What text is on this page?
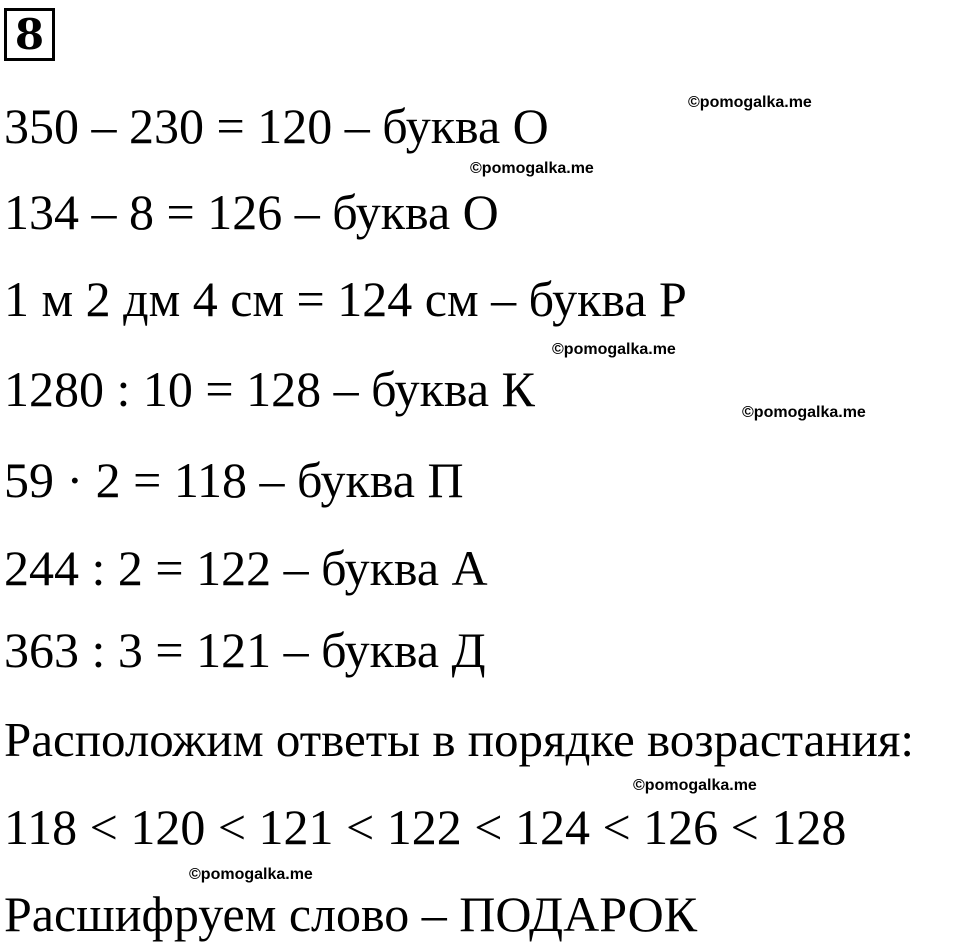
8
350 – 230 = 120 – буква О
134 – 8 = 126 – буква О
1 м 2 дм 4 см = 124 см – буква Р
1280 : 10 = 128 – буква К
59 · 2 = 118 – буква П
244 : 2 = 122 – буква А
363 : 3 = 121 – буква Д
Расположим ответы в порядке возрастания:
118 < 120 < 121 < 122 < 124 < 126 < 128
Расшифруем слово – ПОДАРОК
©pomogalka.me
©pomogalka.me
©pomogalka.me
©pomogalka.me
©pomogalka.me
©pomogalka.me
